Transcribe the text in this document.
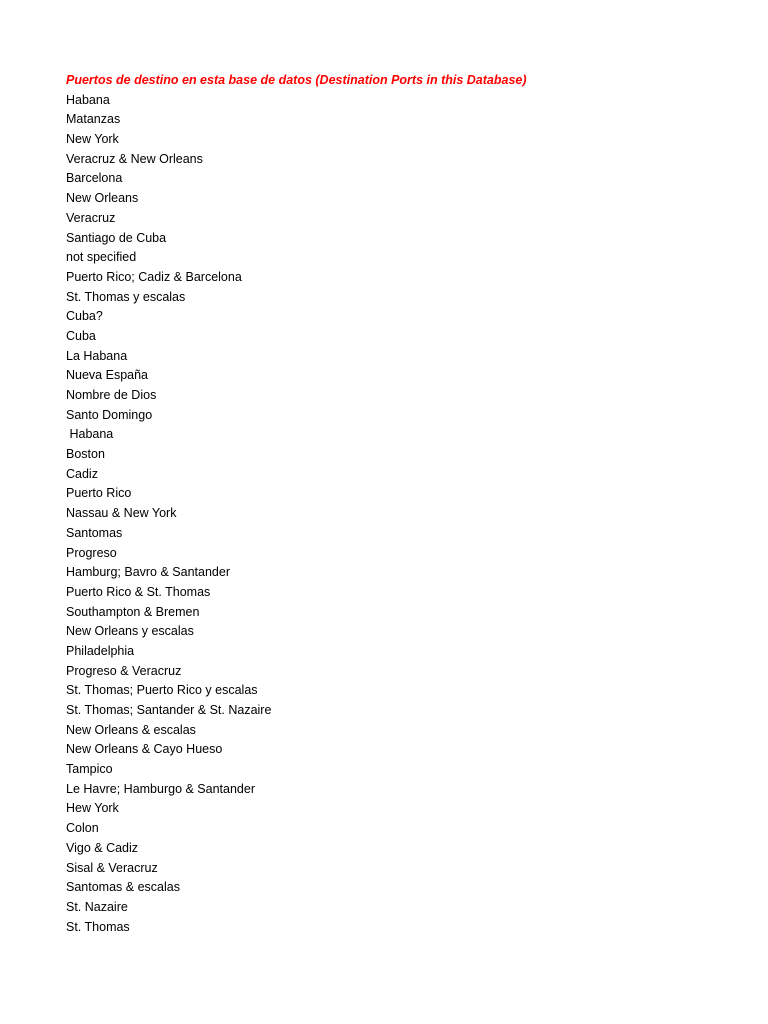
Puertos de destino en esta base de datos (Destination Ports in this Database)
Habana
Matanzas
New York
Veracruz & New Orleans
Barcelona
New Orleans
Veracruz
Santiago de Cuba
not specified
Puerto Rico; Cadiz & Barcelona
St. Thomas y escalas
Cuba?
Cuba
La Habana
Nueva España
Nombre de Dios
Santo Domingo
Habana
Boston
Cadiz
Puerto Rico
Nassau & New York
Santomas
Progreso
Hamburg; Bavro & Santander
Puerto Rico & St. Thomas
Southampton & Bremen
New Orleans y escalas
Philadelphia
Progreso & Veracruz
St. Thomas; Puerto Rico y escalas
St. Thomas; Santander & St. Nazaire
New Orleans & escalas
New Orleans & Cayo Hueso
Tampico
Le Havre; Hamburgo & Santander
Hew York
Colon
Vigo & Cadiz
Sisal & Veracruz
Santomas & escalas
St. Nazaire
St. Thomas
